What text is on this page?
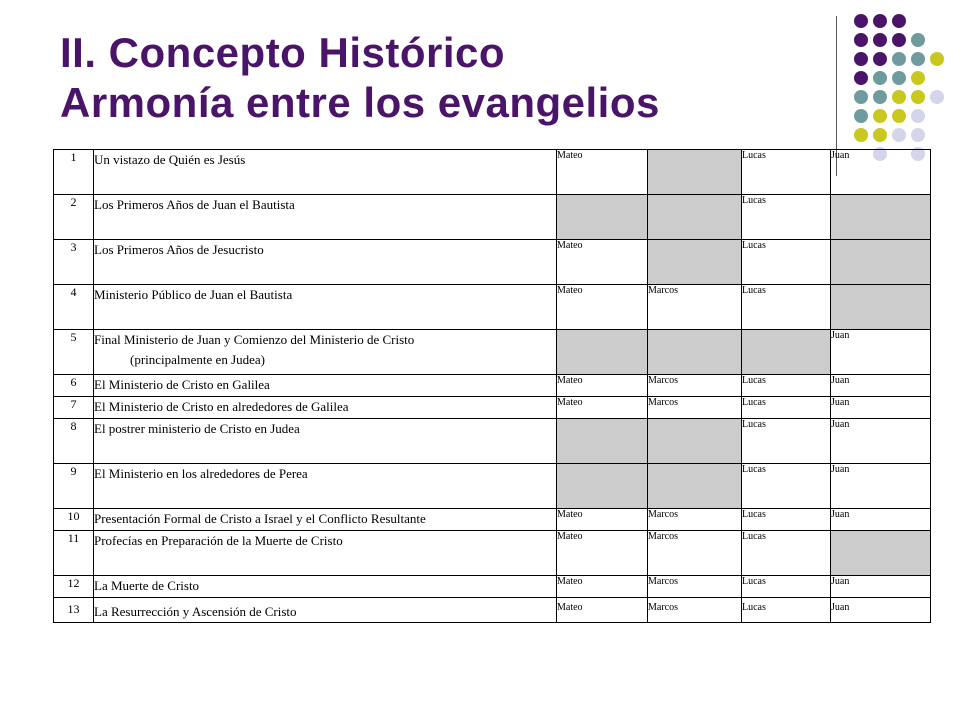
II. Concepto Histórico
Armonía entre los evangelios
1	Un vistazo de Quién es Jesús	Mateo		Lucas	Juan
2	Los Primeros Años de Juan el Bautista			Lucas	
3	Los Primeros Años de Jesucristo	Mateo		Lucas	
4	Ministerio Público de Juan el Bautista	Mateo	Marcos	Lucas	
5	Final Ministerio de Juan y Comienzo del Ministerio de Cristo
(principalmente en Judea)				Juan
6	El Ministerio de Cristo en Galilea	Mateo	Marcos	Lucas	Juan
7	El Ministerio de Cristo en alrededores de Galilea	Mateo	Marcos	Lucas	Juan
8	El postrer ministerio de Cristo en Judea			Lucas	Juan
9	El Ministerio en los alrededores de Perea			Lucas	Juan
10	Presentación Formal de Cristo a Israel y el Conflicto Resultante	Mateo	Marcos	Lucas	Juan
11	Profecías en Preparación de la Muerte de Cristo	Mateo	Marcos	Lucas	
12	La Muerte de Cristo	Mateo	Marcos	Lucas	Juan
13	La Resurrección y Ascensión de Cristo	Mateo	Marcos	Lucas	Juan
